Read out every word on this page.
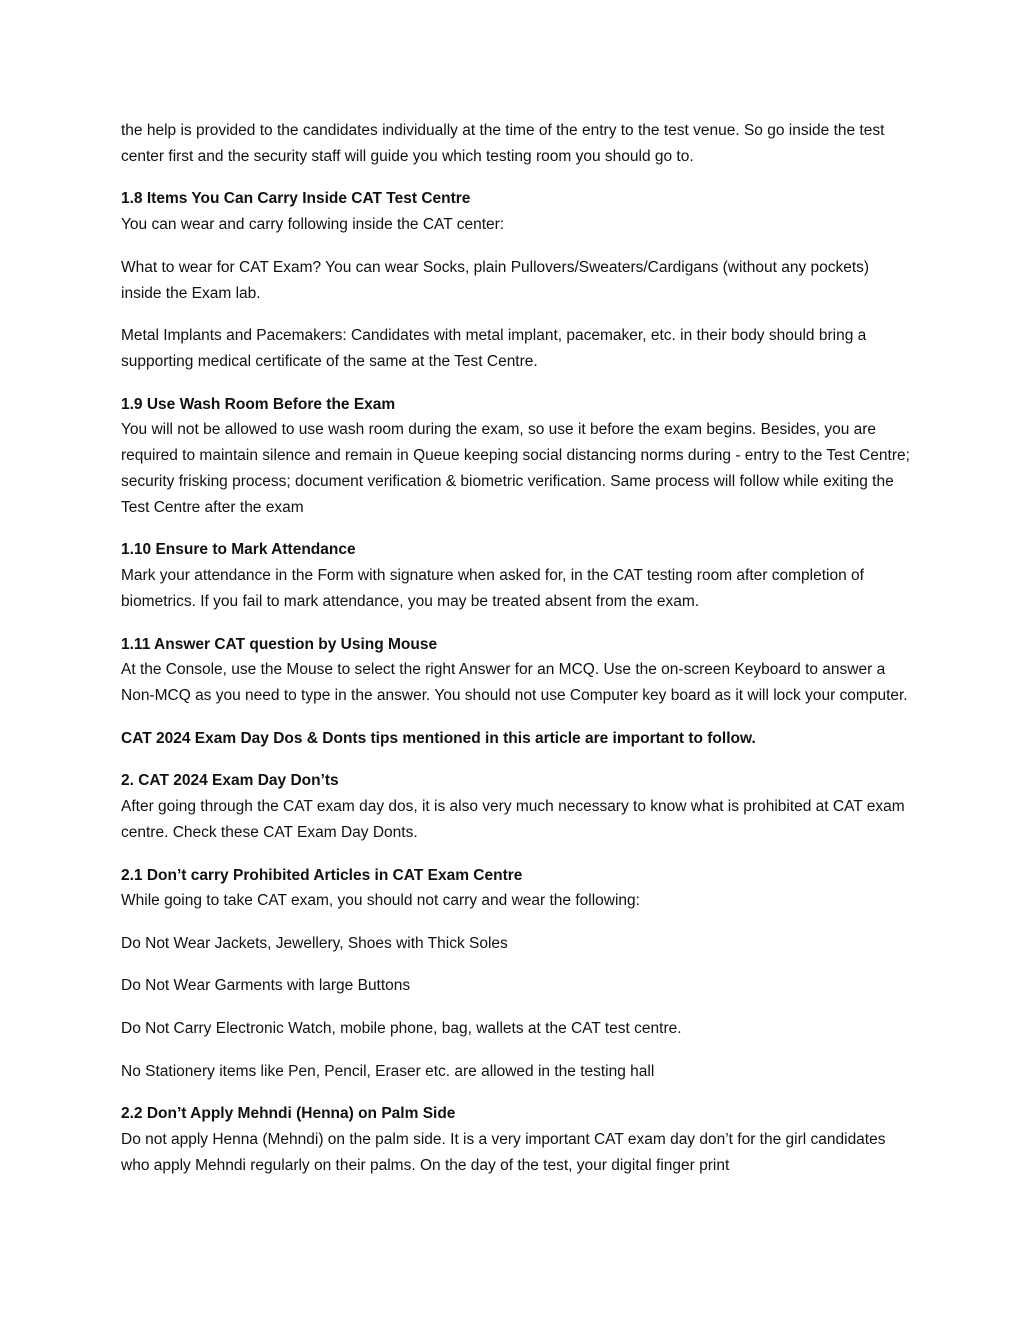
the help is provided to the candidates individually at the time of the entry to the test venue. So go inside the test center first and the security staff will guide you which testing room you should go to.

1.8 Items You Can Carry Inside CAT Test Centre

You can wear and carry following inside the CAT center:

What to wear for CAT Exam? You can wear Socks, plain Pullovers/Sweaters/Cardigans (without any pockets) inside the Exam lab.

Metal Implants and Pacemakers: Candidates with metal implant, pacemaker, etc. in their body should bring a supporting medical certificate of the same at the Test Centre.

1.9 Use Wash Room Before the Exam

You will not be allowed to use wash room during the exam, so use it before the exam begins. Besides, you are required to maintain silence and remain in Queue keeping social distancing norms during - entry to the Test Centre; security frisking process; document verification & biometric verification. Same process will follow while exiting the Test Centre after the exam

1.10 Ensure to Mark Attendance

Mark your attendance in the Form with signature when asked for, in the CAT testing room after completion of biometrics. If you fail to mark attendance, you may be treated absent from the exam.

1.11 Answer CAT question by Using Mouse

At the Console, use the Mouse to select the right Answer for an MCQ. Use the on-screen Keyboard to answer a Non-MCQ as you need to type in the answer. You should not use Computer key board as it will lock your computer.

CAT 2024 Exam Day Dos & Donts tips mentioned in this article are important to follow.

2. CAT 2024 Exam Day Don’ts

After going through the CAT exam day dos, it is also very much necessary to know what is prohibited at CAT exam centre. Check these CAT Exam Day Donts.

2.1 Don’t carry Prohibited Articles in CAT Exam Centre

While going to take CAT exam, you should not carry and wear the following:

Do Not Wear Jackets, Jewellery, Shoes with Thick Soles

Do Not Wear Garments with large Buttons

Do Not Carry Electronic Watch, mobile phone, bag, wallets at the CAT test centre.

No Stationery items like Pen, Pencil, Eraser etc. are allowed in the testing hall

2.2 Don’t Apply Mehndi (Henna) on Palm Side

Do not apply Henna (Mehndi) on the palm side. It is a very important CAT exam day don’t for the girl candidates who apply Mehndi regularly on their palms. On the day of the test, your digital finger print
